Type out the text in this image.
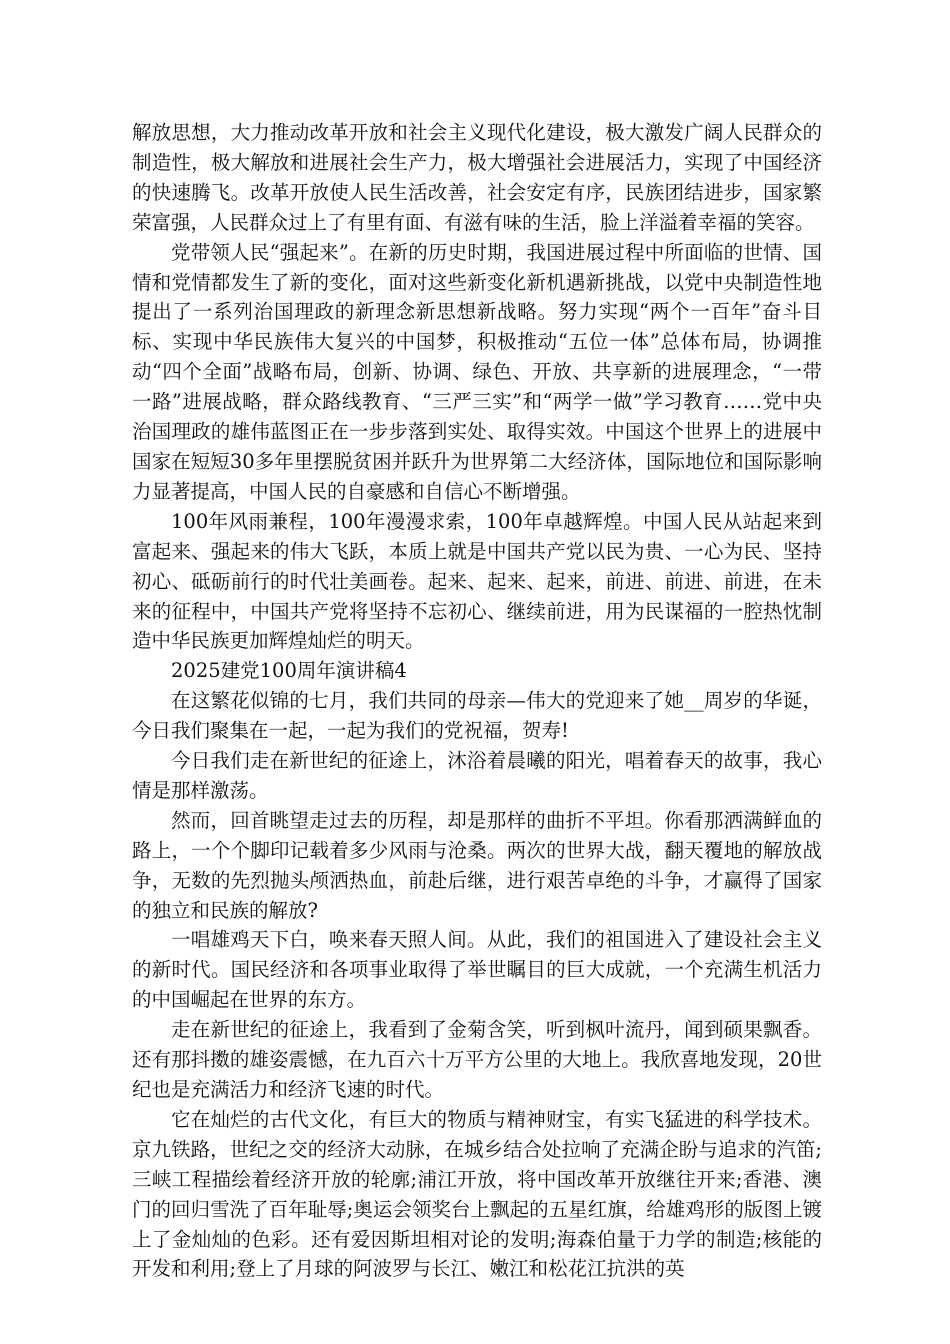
解放思想，大力推动改革开放和社会主义现代化建设，极大激发广阔人民群众的制造性，极大解放和进展社会生产力，极大增强社会进展活力，实现了中国经济的快速腾飞。改革开放使人民生活改善，社会安定有序，民族团结进步，国家繁荣富强，人民群众过上了有里有面、有滋有味的生活，脸上洋溢着幸福的笑容。

党带领人民“强起来”。在新的历史时期，我国进展过程中所面临的世情、国情和党情都发生了新的变化，面对这些新变化新机遇新挑战，以党中央制造性地提出了一系列治国理政的新理念新思想新战略。努力实现“两个一百年”奋斗目标、实现中华民族伟大复兴的中国梦，积极推动“五位一体”总体布局，协调推动“四个全面”战略布局，创新、协调、绿色、开放、共享新的进展理念，“一带一路”进展战略，群众路线教育、“三严三实”和“两学一做”学习教育……党中央治国理政的雄伟蓝图正在一步步落到实处、取得实效。中国这个世界上的进展中国家在短短30多年里摆脱贫困并跃升为世界第二大经济体，国际地位和国际影响力显著提高，中国人民的自豪感和自信心不断增强。

100年风雨兼程，100年漫漫求索，100年卓越辉煌。中国人民从站起来到富起来、强起来的伟大飞跃，本质上就是中国共产党以民为贵、一心为民、坚持初心、砥砺前行的时代壮美画卷。起来、起来、起来，前进、前进、前进，在未来的征程中，中国共产党将坚持不忘初心、继续前进，用为民谋福的一腔热忱制造中华民族更加辉煌灿烂的明天。

2025建党100周年演讲稿4

在这繁花似锦的七月，我们共同的母亲—伟大的党迎来了她__周岁的华诞，今日我们聚集在一起，一起为我们的党祝福，贺寿!

今日我们走在新世纪的征途上，沐浴着晨曦的阳光，唱着春天的故事，我心情是那样激荡。

然而，回首眺望走过去的历程，却是那样的曲折不平坦。你看那洒满鲜血的路上，一个个脚印记载着多少风雨与沧桑。两次的世界大战，翻天覆地的解放战争，无数的先烈抛头颅洒热血，前赴后继，进行艰苦卓绝的斗争，才赢得了国家的独立和民族的解放?

一唱雄鸡天下白，唤来春天照人间。从此，我们的祖国进入了建设社会主义的新时代。国民经济和各项事业取得了举世瞩目的巨大成就，一个充满生机活力的中国崛起在世界的东方。

走在新世纪的征途上，我看到了金菊含笑，听到枫叶流丹，闻到硕果飘香。还有那抖擞的雄姿震憾，在九百六十万平方公里的大地上。我欣喜地发现，20世纪也是充满活力和经济飞速的时代。

它在灿烂的古代文化，有巨大的物质与精神财宝，有实飞猛进的科学技术。京九铁路，世纪之交的经济大动脉，在城乡结合处拉响了充满企盼与追求的汽笛;三峡工程描绘着经济开放的轮廓;浦江开放，将中国改革开放继往开来;香港、澳门的回归雪洗了百年耻辱;奥运会领奖台上飘起的五星红旗，给雄鸡形的版图上镀上了金灿灿的色彩。还有爱因斯坦相对论的发明;海森伯量于力学的制造;核能的开发和利用;登上了月球的阿波罗与长江、嫩江和松花江抗洪的英
